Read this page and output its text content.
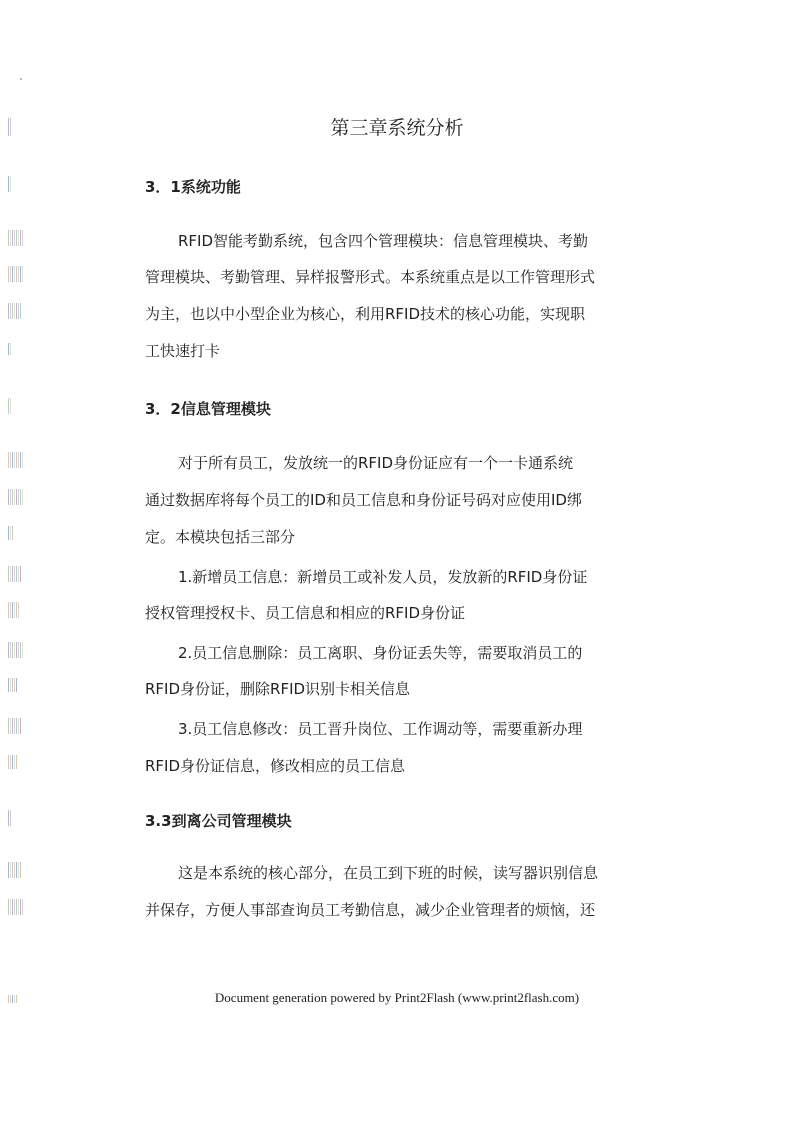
第三章系统分析
3．1系统功能

RFID智能考勤系统，包含四个管理模块：信息管理模块、考勤

管理模块、考勤管理、异样报警形式。本系统重点是以工作管理形式

为主，也以中小型企业为核心，利用RFID技术的核心功能，实现职

工快速打卡

3．2信息管理模块

对于所有员工，发放统一的RFID身份证应有一个一卡通系统

通过数据库将每个员工的ID和员工信息和身份证号码对应使用ID绑

定。本模块包括三部分

1.新增员工信息：新增员工或补发人员，发放新的RFID身份证

授权管理授权卡、员工信息和相应的RFID身份证

2.员工信息删除：员工离职、身份证丢失等，需要取消员工的

RFID身份证，删除RFID识别卡相关信息

3.员工信息修改：员工晋升岗位、工作调动等，需要重新办理

RFID身份证信息，修改相应的员工信息

3.3到离公司管理模块

这是本系统的核心部分，在员工到下班的时候，读写器识别信息

并保存，方便人事部查询员工考勤信息，减少企业管理者的烦恼，还

Document generation powered by Print2Flash (www.print2flash.com)
